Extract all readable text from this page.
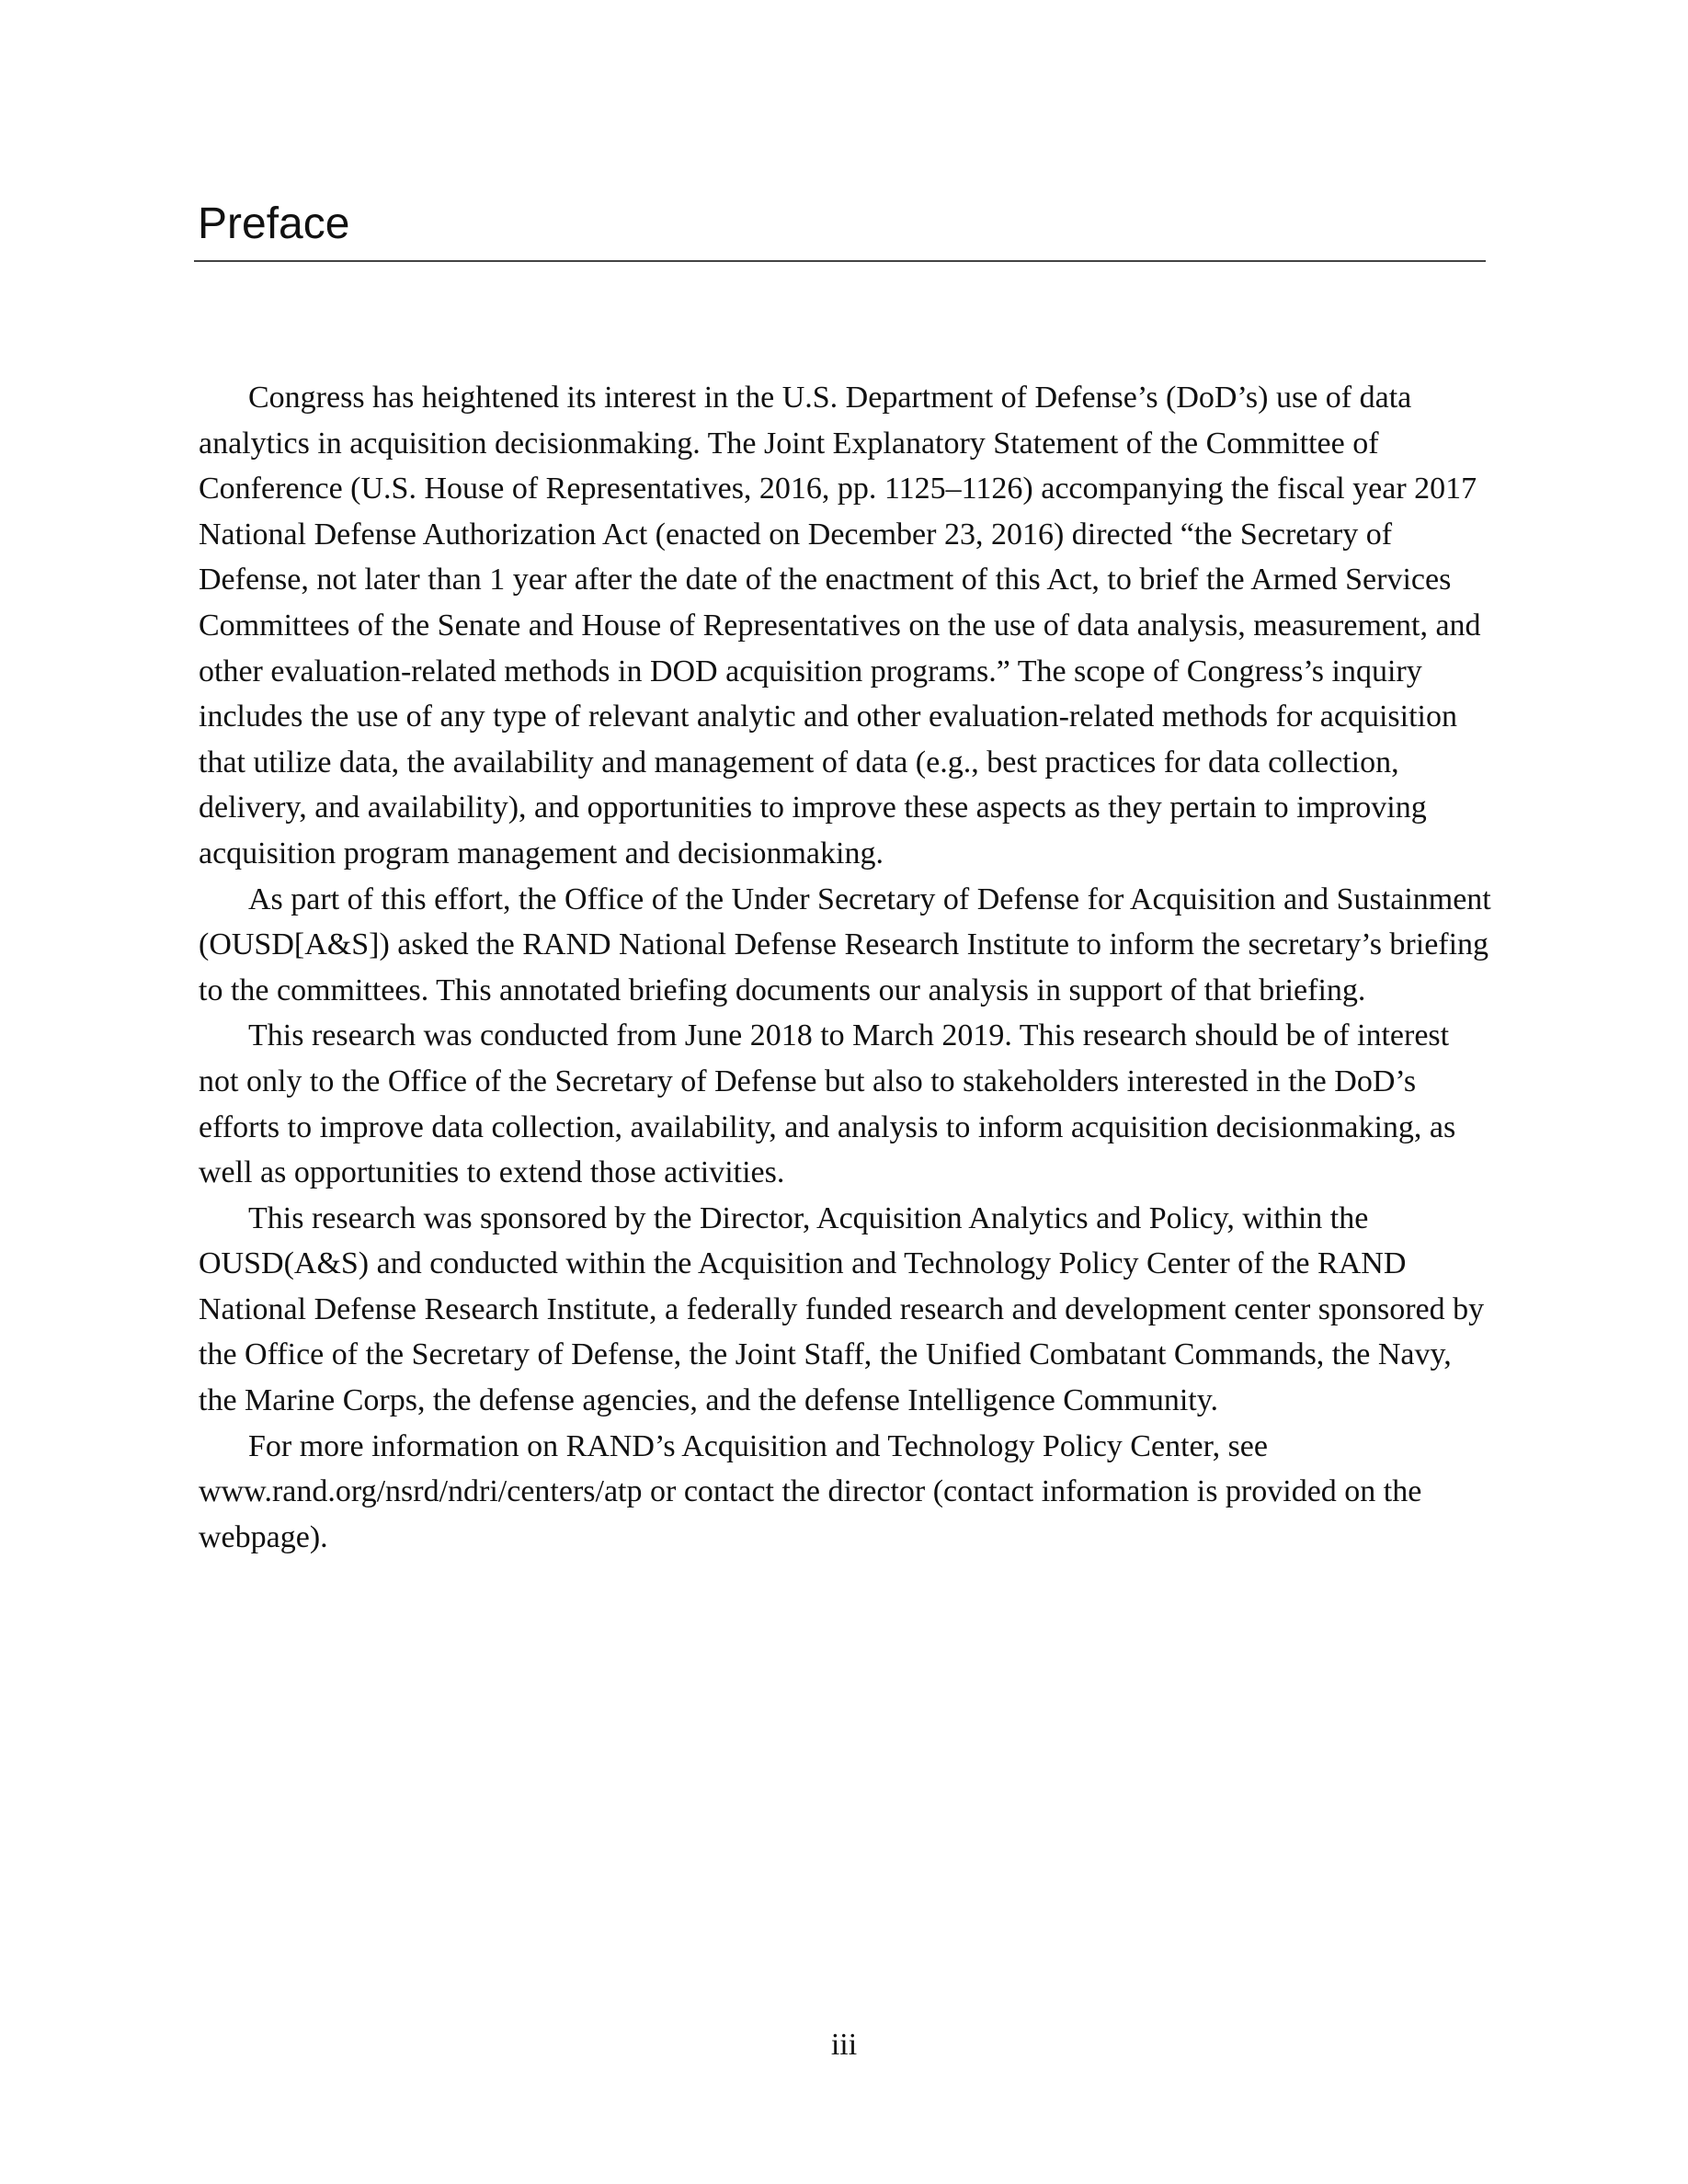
Preface

Congress has heightened its interest in the U.S. Department of Defense’s (DoD’s) use of data analytics in acquisition decisionmaking. The Joint Explanatory Statement of the Committee of Conference (U.S. House of Representatives, 2016, pp. 1125–1126) accompanying the fiscal year 2017 National Defense Authorization Act (enacted on December 23, 2016) directed “the Secretary of Defense, not later than 1 year after the date of the enactment of this Act, to brief the Armed Services Committees of the Senate and House of Representatives on the use of data analysis, measurement, and other evaluation-related methods in DOD acquisition programs.” The scope of Congress’s inquiry includes the use of any type of relevant analytic and other evaluation-related methods for acquisition that utilize data, the availability and management of data (e.g., best practices for data collection, delivery, and availability), and opportunities to improve these aspects as they pertain to improving acquisition program management and decisionmaking.

As part of this effort, the Office of the Under Secretary of Defense for Acquisition and Sustainment (OUSD[A&S]) asked the RAND National Defense Research Institute to inform the secretary’s briefing to the committees. This annotated briefing documents our analysis in support of that briefing.

This research was conducted from June 2018 to March 2019. This research should be of interest not only to the Office of the Secretary of Defense but also to stakeholders interested in the DoD’s efforts to improve data collection, availability, and analysis to inform acquisition decisionmaking, as well as opportunities to extend those activities.

This research was sponsored by the Director, Acquisition Analytics and Policy, within the OUSD(A&S) and conducted within the Acquisition and Technology Policy Center of the RAND National Defense Research Institute, a federally funded research and development center sponsored by the Office of the Secretary of Defense, the Joint Staff, the Unified Combatant Commands, the Navy, the Marine Corps, the defense agencies, and the defense Intelligence Community.

For more information on RAND’s Acquisition and Technology Policy Center, see www.rand.org/nsrd/ndri/centers/atp or contact the director (contact information is provided on the webpage).

iii
